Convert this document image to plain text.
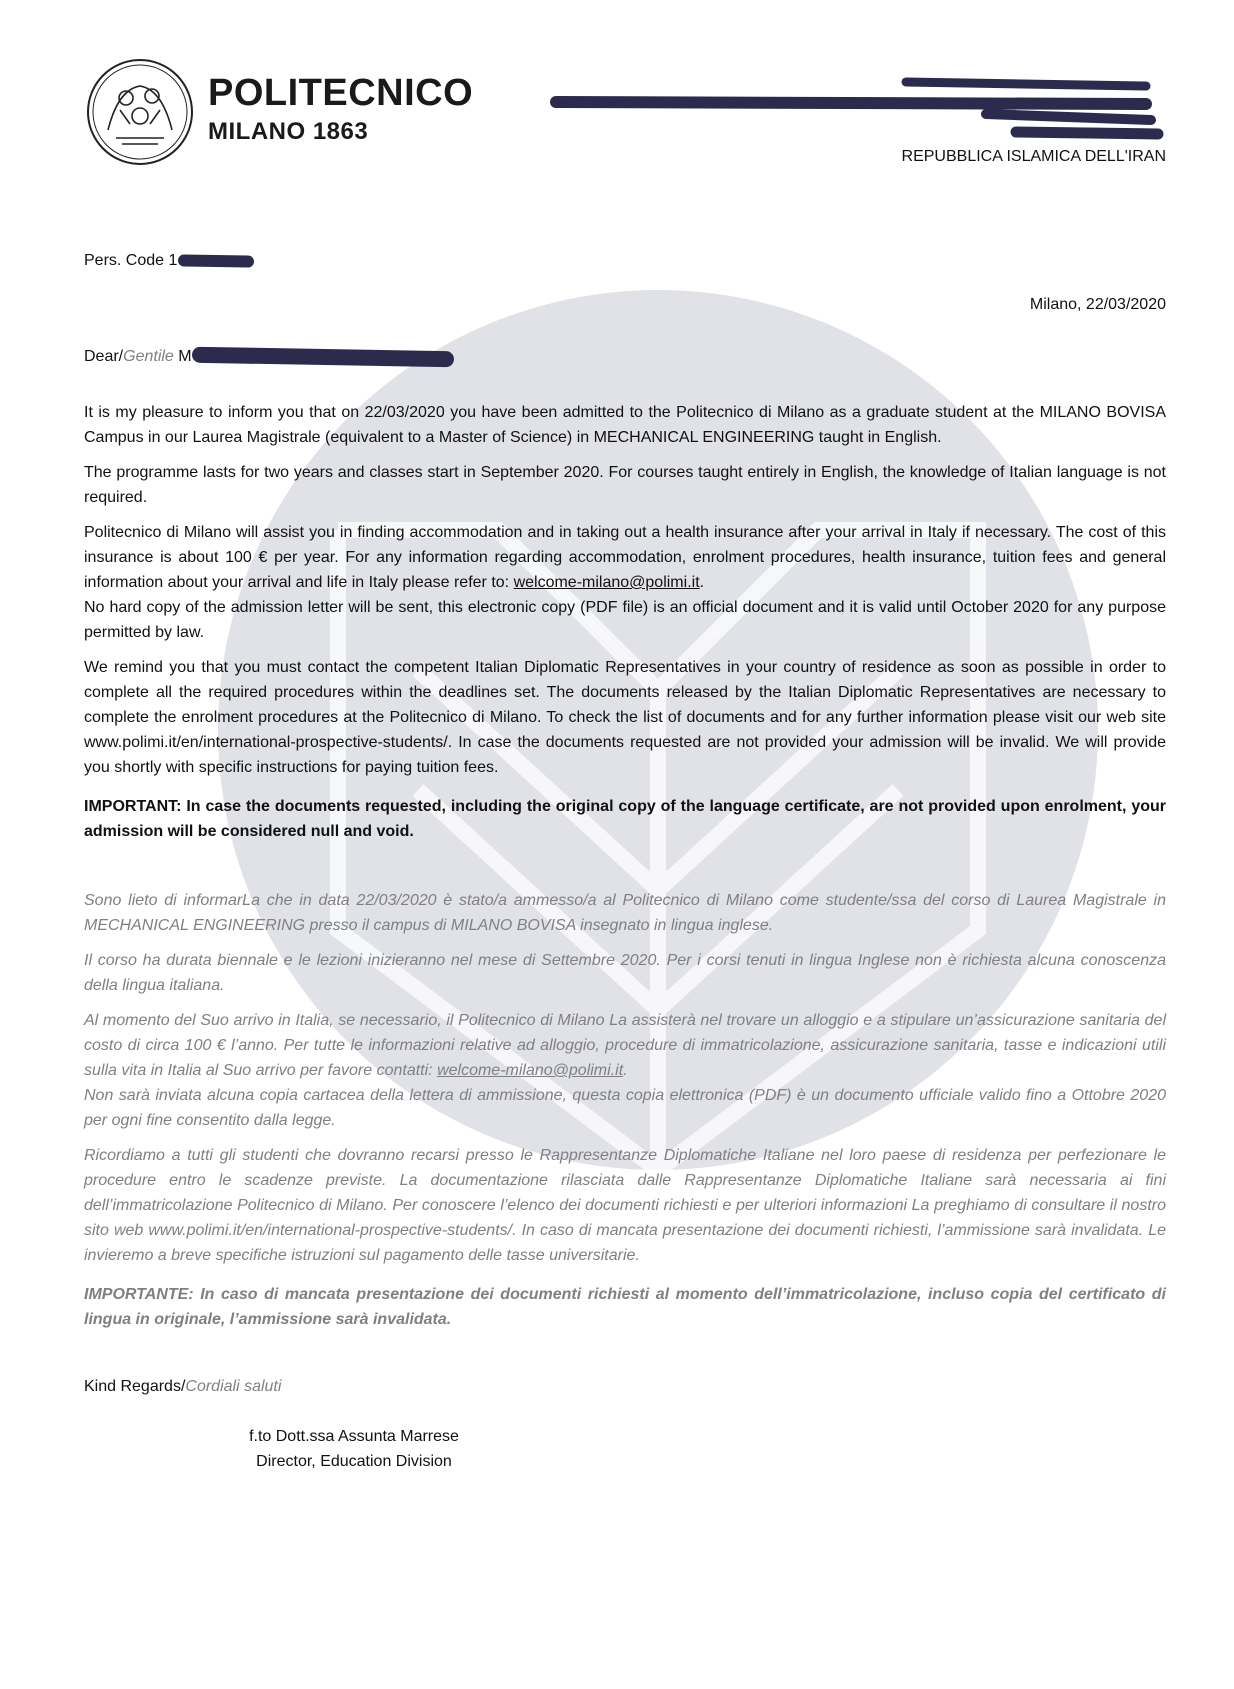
POLITECNICO
MILANO 1863
REPUBBLICA ISLAMICA DELL'IRAN
Pers. Code 1
Milano, 22/03/2020
Dear/Gentile M

It is my pleasure to inform you that on 22/03/2020 you have been admitted to the Politecnico di Milano as a graduate student at the MILANO BOVISA Campus in our Laurea Magistrale (equivalent to a Master of Science) in MECHANICAL ENGINEERING taught in English.

The programme lasts for two years and classes start in September 2020. For courses taught entirely in English, the knowledge of Italian language is not required.

Politecnico di Milano will assist you in finding accommodation and in taking out a health insurance after your arrival in Italy if necessary. The cost of this insurance is about 100 € per year. For any information regarding accommodation, enrolment procedures, health insurance, tuition fees and general information about your arrival and life in Italy please refer to: welcome-milano@polimi.it.

No hard copy of the admission letter will be sent, this electronic copy (PDF file) is an official document and it is valid until October 2020 for any purpose permitted by law.

We remind you that you must contact the competent Italian Diplomatic Representatives in your country of residence as soon as possible in order to complete all the required procedures within the deadlines set. The documents released by the Italian Diplomatic Representatives are necessary to complete the enrolment procedures at the Politecnico di Milano. To check the list of documents and for any further information please visit our web site www.polimi.it/en/international-prospective-students/. In case the documents requested are not provided your admission will be invalid. We will provide you shortly with specific instructions for paying tuition fees.

IMPORTANT: In case the documents requested, including the original copy of the language certificate, are not provided upon enrolment, your admission will be considered null and void.

Sono lieto di informarLa che in data 22/03/2020 è stato/a ammesso/a al Politecnico di Milano come studente/ssa del corso di Laurea Magistrale in MECHANICAL ENGINEERING presso il campus di MILANO BOVISA insegnato in lingua inglese.

Il corso ha durata biennale e le lezioni inizieranno nel mese di Settembre 2020. Per i corsi tenuti in lingua Inglese non è richiesta alcuna conoscenza della lingua italiana.

Al momento del Suo arrivo in Italia, se necessario, il Politecnico di Milano La assisterà nel trovare un alloggio e a stipulare un’assicurazione sanitaria del costo di circa 100 € l’anno. Per tutte le informazioni relative ad alloggio, procedure di immatricolazione, assicurazione sanitaria, tasse e indicazioni utili sulla vita in Italia al Suo arrivo per favore contatti: welcome-milano@polimi.it.

Non sarà inviata alcuna copia cartacea della lettera di ammissione, questa copia elettronica (PDF) è un documento ufficiale valido fino a Ottobre 2020 per ogni fine consentito dalla legge.

Ricordiamo a tutti gli studenti che dovranno recarsi presso le Rappresentanze Diplomatiche Italiane nel loro paese di residenza per perfezionare le procedure entro le scadenze previste. La documentazione rilasciata dalle Rappresentanze Diplomatiche Italiane sarà necessaria ai fini dell’immatricolazione Politecnico di Milano. Per conoscere l’elenco dei documenti richiesti e per ulteriori informazioni La preghiamo di consultare il nostro sito web www.polimi.it/en/international-prospective-students/. In caso di mancata presentazione dei documenti richiesti, l’ammissione sarà invalidata. Le invieremo a breve specifiche istruzioni sul pagamento delle tasse universitarie.

IMPORTANTE: In caso di mancata presentazione dei documenti richiesti al momento dell’immatricolazione, incluso copia del certificato di lingua in originale, l’ammissione sarà invalidata.

Kind Regards/Cordiali saluti
f.to Dott.ssa Assunta Marrese
Director, Education Division
